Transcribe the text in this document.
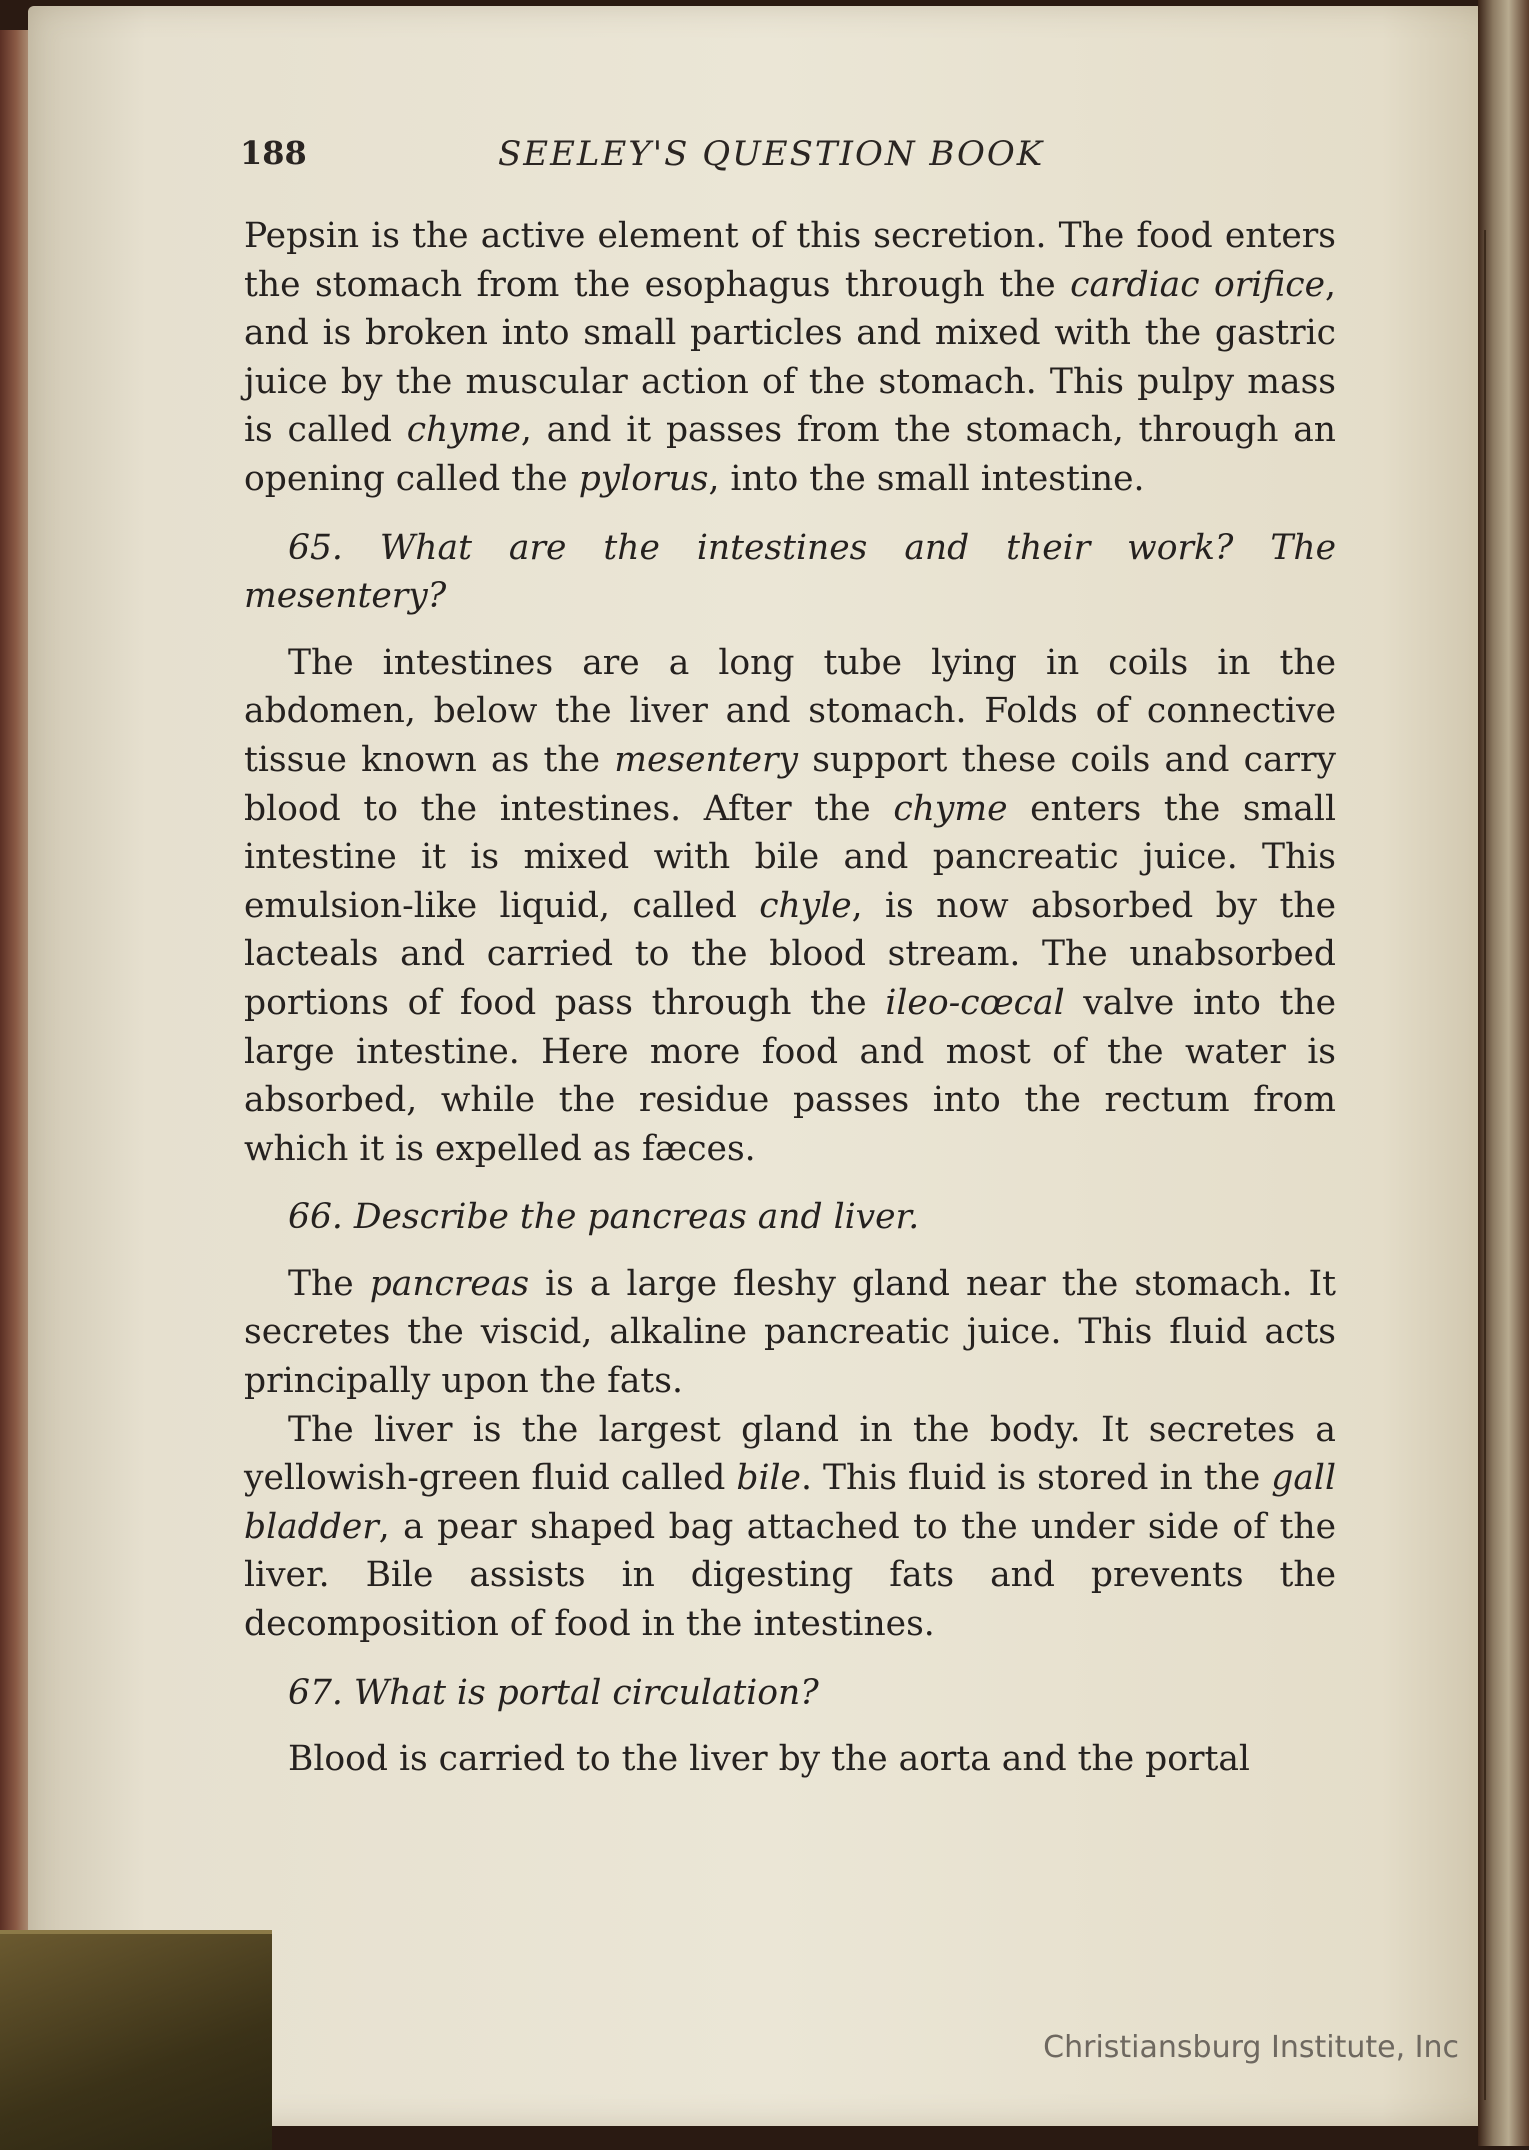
188	SEELEY'S QUESTION BOOK

Pepsin is the active element of this secretion. The food enters the stomach from the esophagus through the cardiac orifice, and is broken into small particles and mixed with the gastric juice by the muscular action of the stomach. This pulpy mass is called chyme, and it passes from the stomach, through an opening called the pylorus, into the small intestine.

65. What are the intestines and their work? The mesentery?

The intestines are a long tube lying in coils in the abdomen, below the liver and stomach. Folds of connective tissue known as the mesentery support these coils and carry blood to the intestines. After the chyme enters the small intestine it is mixed with bile and pancreatic juice. This emulsion-like liquid, called chyle, is now absorbed by the lacteals and carried to the blood stream. The unabsorbed portions of food pass through the ileo-cœcal valve into the large intestine. Here more food and most of the water is absorbed, while the residue passes into the rectum from which it is expelled as fæces.

66. Describe the pancreas and liver.

The pancreas is a large fleshy gland near the stomach. It secretes the viscid, alkaline pancreatic juice. This fluid acts principally upon the fats.

The liver is the largest gland in the body. It secretes a yellowish-green fluid called bile. This fluid is stored in the gall bladder, a pear shaped bag attached to the under side of the liver. Bile assists in digesting fats and prevents the decomposition of food in the intestines.

67. What is portal circulation?

Blood is carried to the liver by the aorta and the portal

Christiansburg Institute, Inc
